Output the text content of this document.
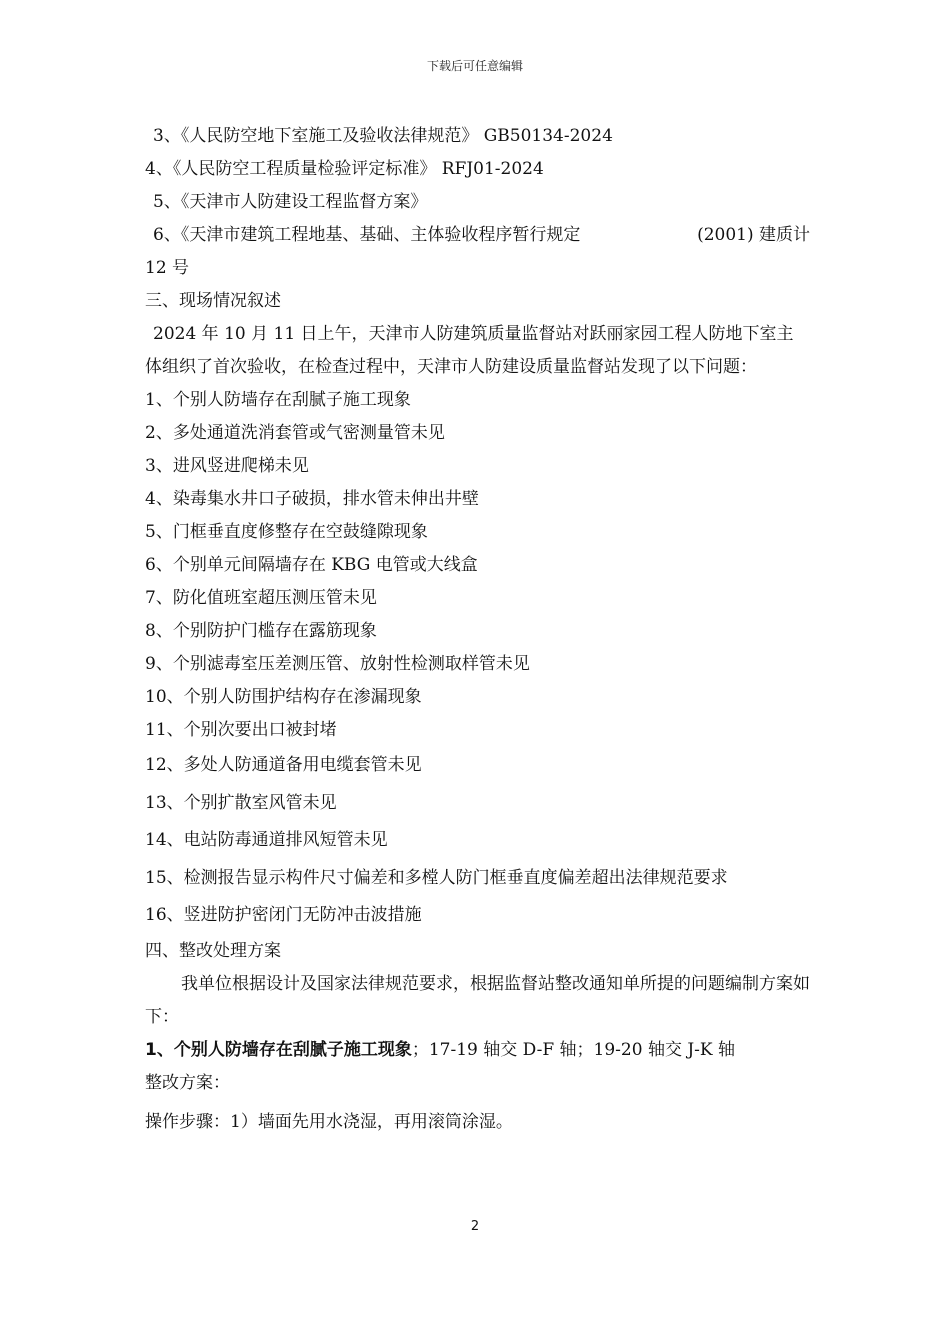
下载后可任意编辑
3、《人民防空地下室施工及验收法律规范》 GB50134-2024
4、《人民防空工程质量检验评定标准》 RFJ01-2024
5、《天津市人防建设工程监督方案》
6、《天津市建筑工程地基、基础、主体验收程序暂行规定	(2001) 建质计
12 号
三、现场情况叙述
2024 年 10 月 11 日上午，天津市人防建筑质量监督站对跃丽家园工程人防地下室主体组织了首次验收，在检查过程中，天津市人防建设质量监督站发现了以下问题：
1、个别人防墙存在刮腻子施工现象
2、多处通道洗消套管或气密测量管未见
3、进风竖进爬梯未见
4、染毒集水井口子破损，排水管未伸出井壁
5、门框垂直度修整存在空鼓缝隙现象
6、个别单元间隔墙存在 KBG 电管或大线盒
7、防化值班室超压测压管未见
8、个别防护门槛存在露筋现象
9、个别滤毒室压差测压管、放射性检测取样管未见
10、个别人防围护结构存在渗漏现象
11、个别次要出口被封堵
12、多处人防通道备用电缆套管未见
13、个别扩散室风管未见
14、电站防毒通道排风短管未见
15、检测报告显示构件尺寸偏差和多樘人防门框垂直度偏差超出法律规范要求
16、竖进防护密闭门无防冲击波措施
四、整改处理方案
我单位根据设计及国家法律规范要求，根据监督站整改通知单所提的问题编制方案如下：
1、个别人防墙存在刮腻子施工现象；17-19 轴交 D-F 轴；19-20 轴交 J-K 轴
整改方案：
操作步骤：1）墙面先用水浇湿，再用滚筒涂湿。
2
